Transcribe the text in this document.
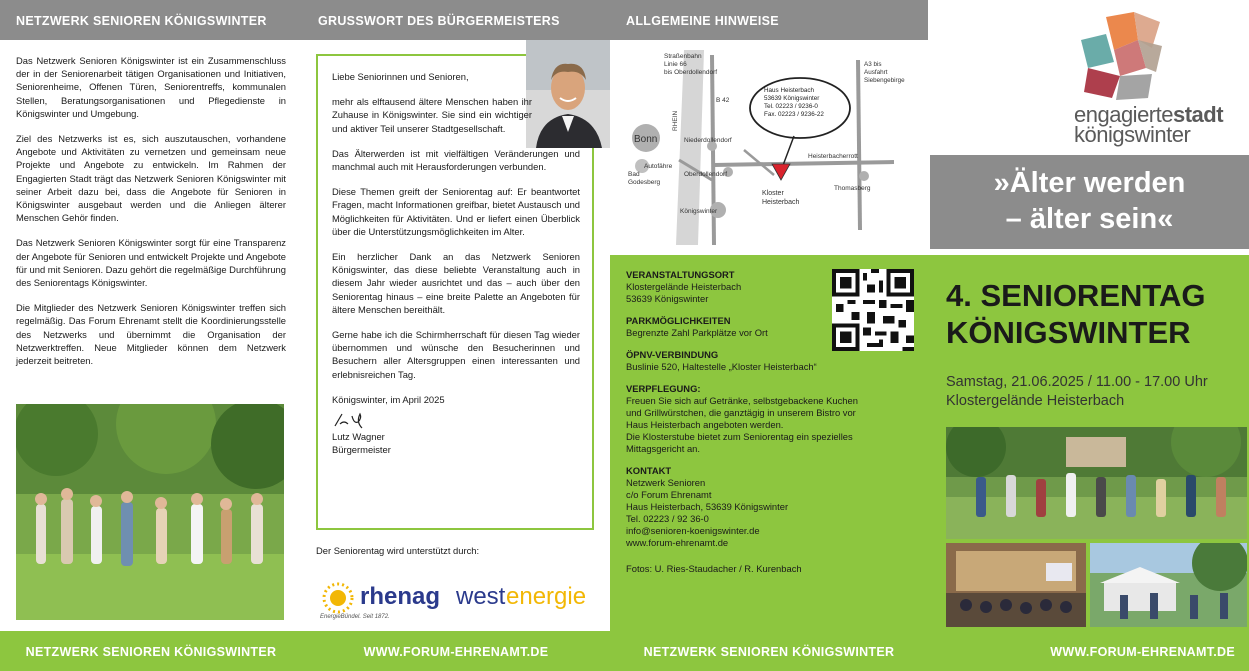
NETZWERK SENIOREN KÖNIGSWINTER

Das Netzwerk Senioren Königswinter ist ein Zusammenschluss der in der Seniorenarbeit tätigen Organisationen und Initiativen, Seniorenheime, Offenen Türen, Seniorentreffs, kommunalen Stellen, Beratungsorganisationen und Pflegedienste in Königswinter und Umgebung.

Ziel des Netzwerks ist es, sich auszutauschen, vorhandene Angebote und Aktivitäten zu vernetzen und gemeinsam neue Projekte und Angebote zu entwickeln. Im Rahmen der Engagierten Stadt trägt das Netzwerk Senioren Königswinter mit seiner Arbeit dazu bei, dass die Angebote für Senioren in Königswinter ausgebaut werden und die Anliegen älterer Menschen Gehör finden.

Das Netzwerk Senioren Königswinter sorgt für eine Transparenz der Angebote für Senioren und entwickelt Projekte und Angebote für und mit Senioren. Dazu gehört die regelmäßige Durchführung des Seniorentags Königswinter.

Die Mitglieder des Netzwerk Senioren Königswinter treffen sich regelmäßig. Das Forum Ehrenamt stellt die Koordinierungsstelle des Netzwerks und übernimmt die Organisation der Netzwerktreffen. Neue Mitglieder können dem Netzwerk jederzeit beitreten.

NETZWERK SENIOREN KÖNIGSWINTER
GRUSSWORT DES BÜRGERMEISTERS

Liebe Seniorinnen und Senioren,

mehr als elftausend ältere Menschen haben ihr Zuhause in Königswinter. Sie sind ein wichtiger und aktiver Teil unserer Stadtgesellschaft.

Das Älterwerden ist mit vielfältigen Veränderungen und manchmal auch mit Herausforderungen verbunden.

Diese Themen greift der Seniorentag auf: Er beantwortet Fragen, macht Informationen greifbar, bietet Austausch und Möglichkeiten für Aktivitäten. Und er liefert einen Überblick über die Unterstützungsmöglichkeiten im Alter.

Ein herzlicher Dank an das Netzwerk Senioren Königswinter, das diese beliebte Veranstaltung auch in diesem Jahr wieder ausrichtet und das – auch über den Seniorentag hinaus – eine breite Palette an Angeboten für ältere Menschen bereithält.

Gerne habe ich die Schirmherrschaft für diesen Tag wieder übernommen und wünsche den Besucherinnen und Besuchern aller Altersgruppen einen interessanten und erlebnisreichen Tag.

Königswinter, im April 2025

Lutz Wagner
Bürgermeister
Der Seniorentag wird unterstützt durch:
rhenag west energie
EnergieBündel. Seit 1872.
WWW.FORUM-EHRENAMT.DE
ALLGEMEINE HINWEISE
RHEIN
Straßenbahn
Linie 66
bis Oberdollendorf
B 42
Bonn
Bad
Godesberg
Autofähre
Niederdollendorf
Oberdollendorf
Königswinter
Haus Heisterbach
53639 Königswinter
Tel. 02223 / 9236-0
Fax. 02223 / 9236-22
Kloster
Heisterbach
Heisterbacherrott
Thomasberg
A3 bis
Ausfahrt
Siebengebirge
VERANSTALTUNGSORT
Klostergelände Heisterbach
53639 Königswinter
PARKMÖGLICHKEITEN
Begrenzte Zahl Parkplätze vor Ort
ÖPNV-VERBINDUNG
Buslinie 520, Haltestelle „Kloster Heisterbach“
VERPFLEGUNG:
Freuen Sie sich auf Getränke, selbstgebackene Kuchen
und Grillwürstchen, die ganztägig in unserem Bistro vor
Haus Heisterbach angeboten werden.
Die Klosterstube bietet zum Seniorentag ein spezielles
Mittagsgericht an.
KONTAKT
Netzwerk Senioren
c/o Forum Ehrenamt
Haus Heisterbach, 53639 Königswinter
Tel. 02223 / 92 36-0
info@senioren-koenigswinter.de
www.forum-ehrenamt.de
Fotos: U. Ries-Staudacher / R. Kurenbach
NETZWERK SENIOREN KÖNIGSWINTER
engagiertestadt
königswinter
»Älter werden
– älter sein«
4. SENIORENTAG
KÖNIGSWINTER
Samstag, 21.06.2025 / 11.00 - 17.00 Uhr
Klostergelände Heisterbach
WWW.FORUM-EHRENAMT.DE
